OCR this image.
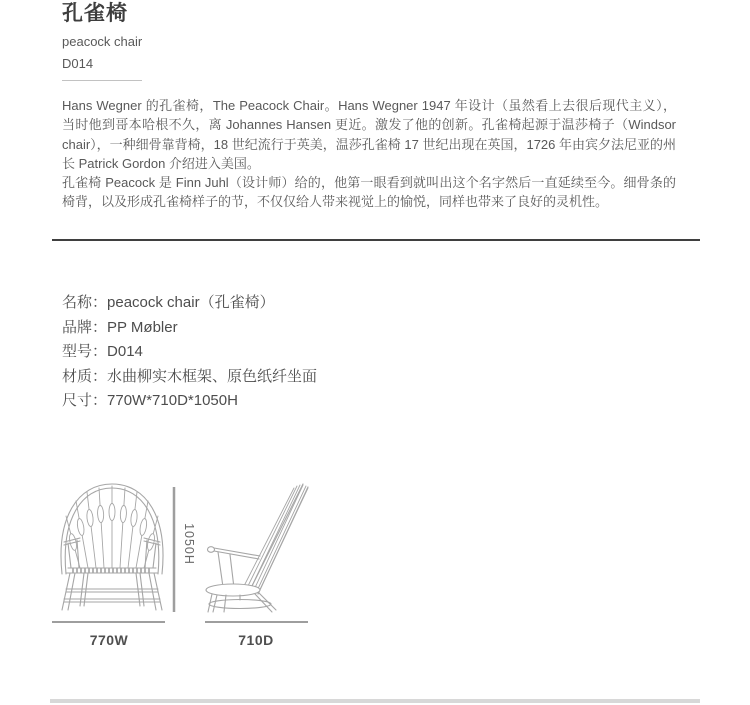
孔雀椅
peacock chair
D014

Hans Wegner 的孔雀椅，The Peacock Chair。Hans Wegner 1947 年设计（虽然看上去很后现代主义），当时他到哥本哈根不久，离 Johannes Hansen 更近。激发了他的创新。孔雀椅起源于温莎椅子（Windsor chair），一种细骨靠背椅，18 世纪流行于英美，温莎孔雀椅 17 世纪出现在英国，1726 年由宾夕法尼亚的州长 Patrick Gordon 介绍进入美国。

孔雀椅 Peacock 是 Finn Juhl（设计师）给的，他第一眼看到就叫出这个名字然后一直延续至今。细骨条的椅背，以及形成孔雀椅样子的节，不仅仅给人带来视觉上的愉悦，同样也带来了良好的灵机性。

名称：peacock chair（孔雀椅）
品牌：PP Møbler
型号：D014
材质：水曲柳实木框架、原色纸纤坐面
尺寸：770W*710D*1050H
1050H
770W	710D
